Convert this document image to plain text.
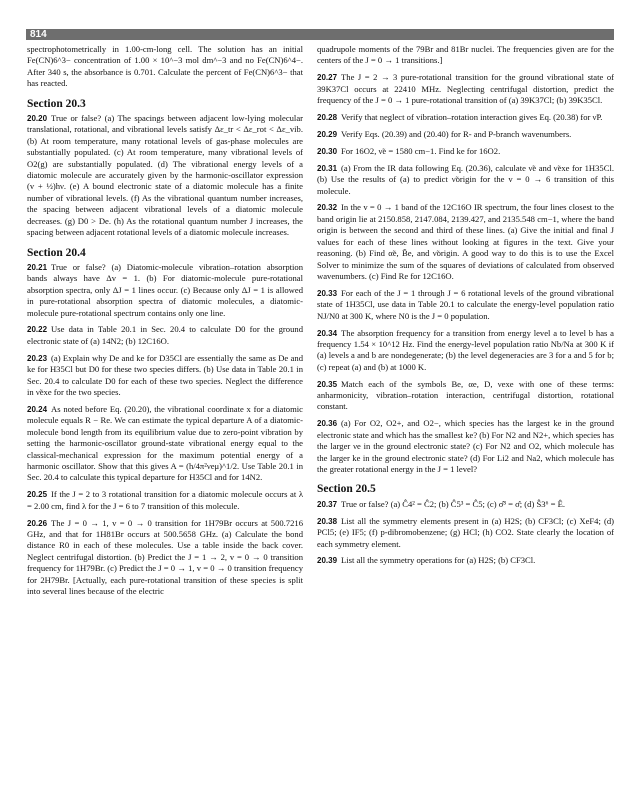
814

spectrophotometrically in 1.00-cm-long cell. The solution has an initial Fe(CN)6^3− concentration of 1.00 × 10^−3 mol dm^−3 and no Fe(CN)6^4−. After 340 s, the absorbance is 0.701. Calculate the percent of Fe(CN)6^3− that has reacted.

Section 20.3

20.20 True or false? (a) The spacings between adjacent low-lying molecular translational, rotational, and vibrational levels satisfy Δε_tr < Δε_rot < Δε_vib. (b) At room temperature, many rotational levels of gas-phase molecules are substantially populated. (c) At room temperature, many vibrational levels of O2(g) are substantially populated. (d) The vibrational energy levels of a diatomic molecule are accurately given by the harmonic-oscillator expression (v + ½)hν. (e) A bound electronic state of a diatomic molecule has a finite number of vibrational levels. (f) As the vibrational quantum number increases, the spacing between adjacent vibrational levels of a diatomic molecule decreases. (g) D0 > De. (h) As the rotational quantum number J increases, the spacing between adjacent rotational levels of a diatomic molecule increases.

Section 20.4

20.21 True or false? (a) Diatomic-molecule vibration–rotation absorption bands always have Δv = 1. (b) For diatomic-molecule pure-rotational absorption spectra, only ΔJ = 1 lines occur. (c) Because only ΔJ = 1 is allowed in pure-rotational absorption spectra of diatomic molecules, a diatomic-molecule pure-rotational spectrum contains only one line.

20.22 Use data in Table 20.1 in Sec. 20.4 to calculate D0 for the ground electronic state of (a) 14N2; (b) 12C16O.

20.23 (a) Explain why De and ke for D35Cl are essentially the same as De and ke for H35Cl but D0 for these two species differs. (b) Use data in Table 20.1 in Sec. 20.4 to calculate D0 for each of these two species. Neglect the difference in ν̃exe for the two species.

20.24 As noted before Eq. (20.20), the vibrational coordinate x for a diatomic molecule equals R − Re. We can estimate the typical departure A of a diatomic-molecule bond length from its equilibrium value due to zero-point vibration by setting the harmonic-oscillator ground-state vibrational energy equal to the classical-mechanical expression for the maximum potential energy of a harmonic oscillator. Show that this gives A = (h/4π²νeμ)^1/2. Use Table 20.1 in Sec. 20.4 to calculate this typical departure for H35Cl and for 14N2.

20.25 If the J = 2 to 3 rotational transition for a diatomic molecule occurs at λ = 2.00 cm, find λ for the J = 6 to 7 transition of this molecule.

20.26 The J = 0 → 1, v = 0 → 0 transition for 1H79Br occurs at 500.7216 GHz, and that for 1H81Br occurs at 500.5658 GHz. (a) Calculate the bond distance R0 in each of these molecules. Use a table inside the back cover. Neglect centrifugal distortion. (b) Predict the J = 1 → 2, v = 0 → 0 transition frequency for 1H79Br. (c) Predict the J = 0 → 1, v = 0 → 0 transition frequency for 2H79Br. [Actually, each pure-rotational transition of these species is split into several lines because of the electric

quadrupole moments of the 79Br and 81Br nuclei. The frequencies given are for the centers of the J = 0 → 1 transitions.]

20.27 The J = 2 → 3 pure-rotational transition for the ground vibrational state of 39K37Cl occurs at 22410 MHz. Neglecting centrifugal distortion, predict the frequency of the J = 0 → 1 pure-rotational transition of (a) 39K37Cl; (b) 39K35Cl.

20.28 Verify that neglect of vibration–rotation interaction gives Eq. (20.38) for ν̃P.

20.29 Verify Eqs. (20.39) and (20.40) for R- and P-branch wavenumbers.

20.30 For 16O2, ν̃e = 1580 cm−1. Find ke for 16O2.

20.31 (a) From the IR data following Eq. (20.36), calculate ν̃e and ν̃exe for 1H35Cl. (b) Use the results of (a) to predict ν̃origin for the v = 0 → 6 transition of this molecule.

20.32 In the v = 0 → 1 band of the 12C16O IR spectrum, the four lines closest to the band origin lie at 2150.858, 2147.084, 2139.427, and 2135.548 cm−1, where the band origin is between the second and third of these lines. (a) Give the initial and final J values for each of these lines without looking at figures in the text. Give your reasoning. (b) Find α̃e, B̃e, and ν̃origin. A good way to do this is to use the Excel Solver to minimize the sum of the squares of deviations of calculated from observed wavenumbers. (c) Find Re for 12C16O.

20.33 For each of the J = 1 through J = 6 rotational levels of the ground vibrational state of 1H35Cl, use data in Table 20.1 to calculate the energy-level population ratio NJ/N0 at 300 K, where N0 is the J = 0 population.

20.34 The absorption frequency for a transition from energy level a to level b has a frequency 1.54 × 10^12 Hz. Find the energy-level population ratio Nb/Na at 300 K if (a) levels a and b are nondegenerate; (b) the level degeneracies are 3 for a and 5 for b; (c) repeat (a) and (b) at 1000 K.

20.35 Match each of the symbols Be, αe, D, νexe with one of these terms: anharmonicity, vibration–rotation interaction, centrifugal distortion, rotational constant.

20.36 (a) For O2, O2+, and O2−, which species has the largest ke in the ground electronic state and which has the smallest ke? (b) For N2 and N2+, which species has the larger νe in the ground electronic state? (c) For N2 and O2, which molecule has the larger ke in the ground electronic state? (d) For Li2 and Na2, which molecule has the greater rotational energy in the J = 1 level?

Section 20.5

20.37 True or false? (a) Ĉ4² = Ĉ2; (b) Ĉ5³ = Ĉ5; (c) σ̂³ = σ̂; (d) Ŝ3⁶ = Ê.

20.38 List all the symmetry elements present in (a) H2S; (b) CF3Cl; (c) XeF4; (d) PCl5; (e) IF5; (f) p-dibromobenzene; (g) HCl; (h) CO2. State clearly the location of each symmetry element.

20.39 List all the symmetry operations for (a) H2S; (b) CF3Cl.
